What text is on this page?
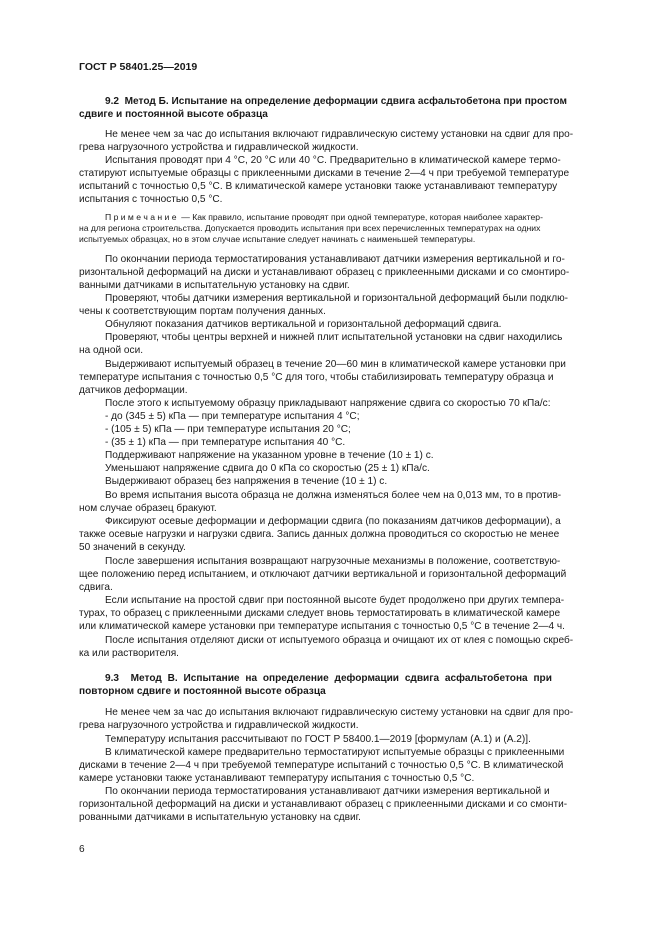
ГОСТ Р 58401.25—2019
9.2  Метод Б. Испытание на определение деформации сдвига асфальтобетона при простом
сдвиге и постоянной высоте образца
Не менее чем за час до испытания включают гидравлическую систему установки на сдвиг для про-
грева нагрузочного устройства и гидравлической жидкости.
Испытания проводят при 4 °С, 20 °С или 40 °С. Предварительно в климатической камере термо-
статируют испытуемые образцы с приклеенными дисками в течение 2—4 ч при требуемой температуре
испытаний с точностью 0,5 °С. В климатической камере установки также устанавливают температуру
испытания с точностью 0,5 °С.
П р и м е ч а н и е  — Как правило, испытание проводят при одной температуре, которая наиболее характер-
на для региона строительства. Допускается проводить испытания при всех перечисленных температурах на одних
испытуемых образцах, но в этом случае испытание следует начинать с наименьшей температуры.
По окончании периода термостатирования устанавливают датчики измерения вертикальной и го-
ризонтальной деформаций на диски и устанавливают образец с приклеенными дисками и со смонтиро-
ванными датчиками в испытательную установку на сдвиг.
Проверяют, чтобы датчики измерения вертикальной и горизонтальной деформаций были подклю-
чены к соответствующим портам получения данных.
Обнуляют показания датчиков вертикальной и горизонтальной деформаций сдвига.
Проверяют, чтобы центры верхней и нижней плит испытательной установки на сдвиг находились
на одной оси.
Выдерживают испытуемый образец в течение 20—60 мин в климатической камере установки при
температуре испытания с точностью 0,5 °С для того, чтобы стабилизировать температуру образца и
датчиков деформации.
После этого к испытуемому образцу прикладывают напряжение сдвига со скоростью 70 кПа/с:
- до (345 ± 5) кПа — при температуре испытания 4 °С;
- (105 ± 5) кПа — при температуре испытания 20 °С;
- (35 ± 1) кПа — при температуре испытания 40 °С.
Поддерживают напряжение на указанном уровне в течение (10 ± 1) с.
Уменьшают напряжение сдвига до 0 кПа со скоростью (25 ± 1) кПа/с.
Выдерживают образец без напряжения в течение (10 ± 1) с.
Во время испытания высота образца не должна изменяться более чем на 0,013 мм, то в против-
ном случае образец бракуют.
Фиксируют осевые деформации и деформации сдвига (по показаниям датчиков деформации), а
также осевые нагрузки и нагрузки сдвига. Запись данных должна проводиться со скоростью не менее
50 значений в секунду.
После завершения испытания возвращают нагрузочные механизмы в положение, соответствую-
щее положению перед испытанием, и отключают датчики вертикальной и горизонтальной деформаций
сдвига.
Если испытание на простой сдвиг при постоянной высоте будет продолжено при других темпера-
турах, то образец с приклеенными дисками следует вновь термостатировать в климатической камере
или климатической камере установки при температуре испытания с точностью 0,5 °С в течение 2—4 ч.
После испытания отделяют диски от испытуемого образца и очищают их от клея с помощью скреб-
ка или растворителя.
9.3  Метод В. Испытание на определение деформации сдвига асфальтобетона при
повторном сдвиге и постоянной высоте образца
Не менее чем за час до испытания включают гидравлическую систему установки на сдвиг для про-
грева нагрузочного устройства и гидравлической жидкости.
Температуру испытания рассчитывают по ГОСТ Р 58400.1—2019 [формулам (А.1) и (А.2)].
В климатической камере предварительно термостатируют испытуемые образцы с приклеенными
дисками в течение 2—4 ч при требуемой температуре испытаний с точностью 0,5 °С. В климатической
камере установки также устанавливают температуру испытания с точностью 0,5 °С.
По окончании периода термостатирования устанавливают датчики измерения вертикальной и
горизонтальной деформаций на диски и устанавливают образец с приклеенными дисками и со смонти-
рованными датчиками в испытательную установку на сдвиг.
6
